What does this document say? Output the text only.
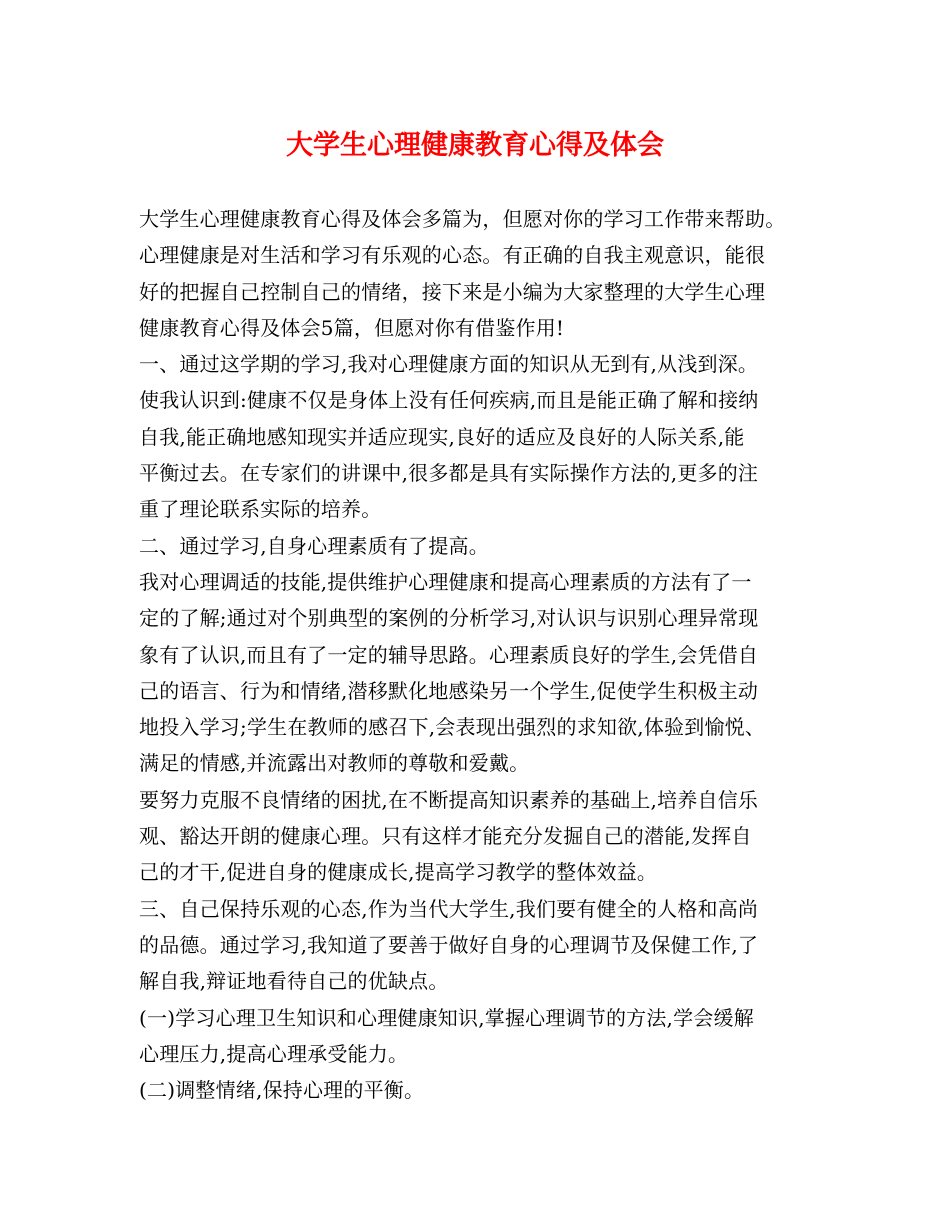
大学生心理健康教育心得及体会
大学生心理健康教育心得及体会多篇为，但愿对你的学习工作带来帮助。
心理健康是对生活和学习有乐观的心态。有正确的自我主观意识，能很
好的把握自己控制自己的情绪，接下来是小编为大家整理的大学生心理
健康教育心得及体会5篇，但愿对你有借鉴作用!
一、通过这学期的学习,我对心理健康方面的知识从无到有,从浅到深。
使我认识到:健康不仅是身体上没有任何疾病,而且是能正确了解和接纳
自我,能正确地感知现实并适应现实,良好的适应及良好的人际关系,能
平衡过去。在专家们的讲课中,很多都是具有实际操作方法的,更多的注
重了理论联系实际的培养。
二、通过学习,自身心理素质有了提高。
我对心理调适的技能,提供维护心理健康和提高心理素质的方法有了一
定的了解;通过对个别典型的案例的分析学习,对认识与识别心理异常现
象有了认识,而且有了一定的辅导思路。心理素质良好的学生,会凭借自
己的语言、行为和情绪,潜移默化地感染另一个学生,促使学生积极主动
地投入学习;学生在教师的感召下,会表现出强烈的求知欲,体验到愉悦、
满足的情感,并流露出对教师的尊敬和爱戴。
要努力克服不良情绪的困扰,在不断提高知识素养的基础上,培养自信乐
观、豁达开朗的健康心理。只有这样才能充分发掘自己的潜能,发挥自
己的才干,促进自身的健康成长,提高学习教学的整体效益。
三、自己保持乐观的心态,作为当代大学生,我们要有健全的人格和高尚
的品德。通过学习,我知道了要善于做好自身的心理调节及保健工作,了
解自我,辩证地看待自己的优缺点。
(一)学习心理卫生知识和心理健康知识,掌握心理调节的方法,学会缓解
心理压力,提高心理承受能力。
(二)调整情绪,保持心理的平衡。
